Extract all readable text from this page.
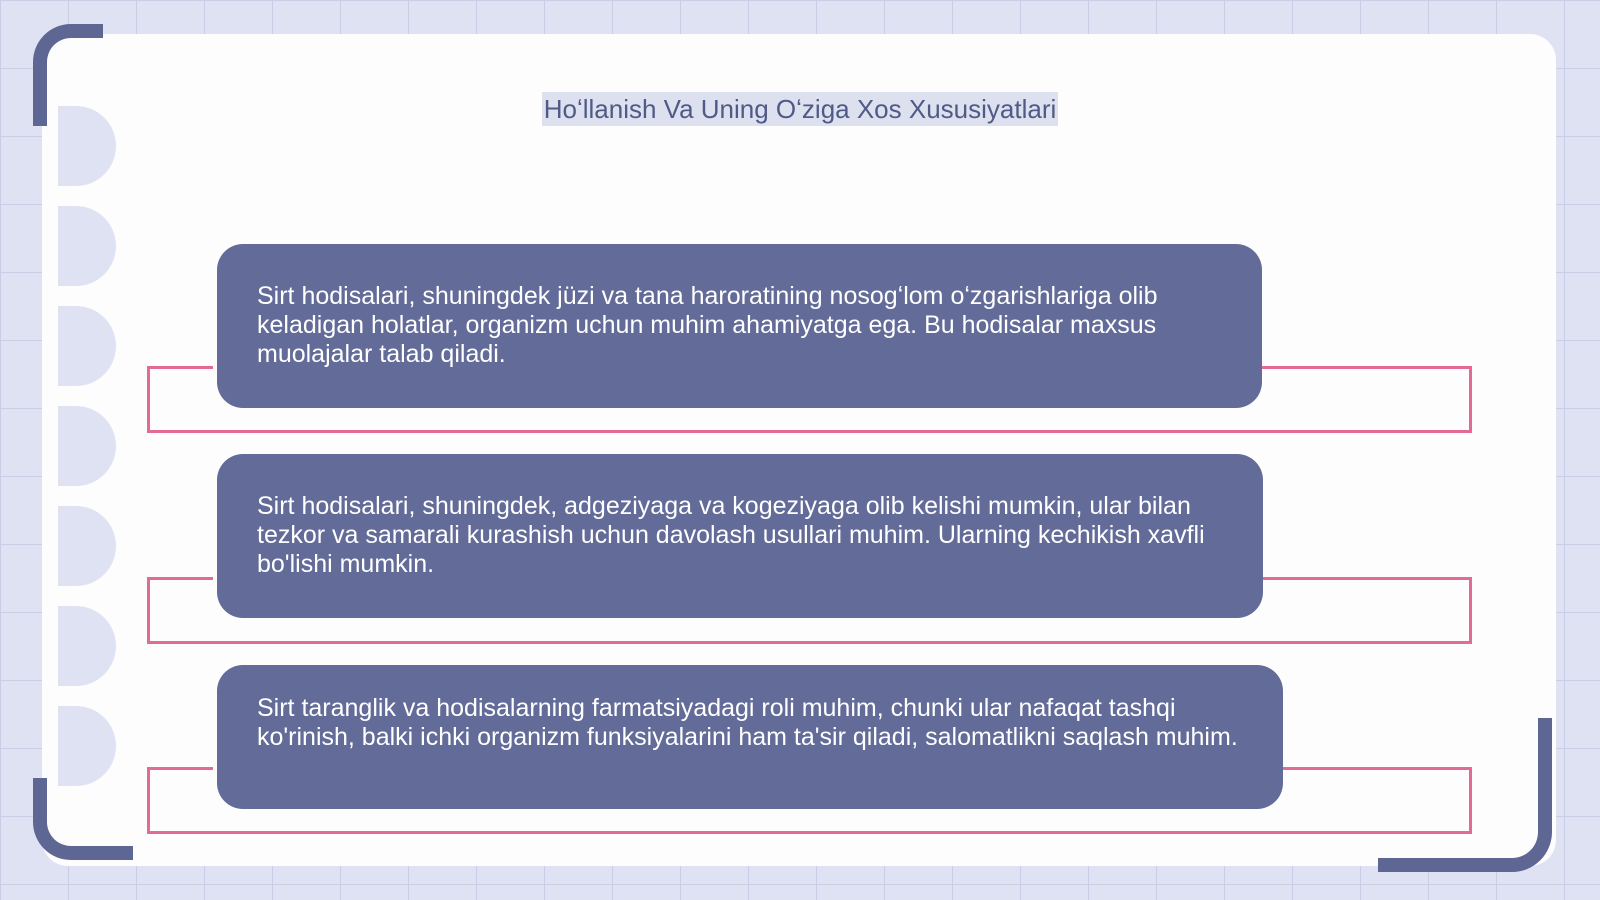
Hoʻllanish Va Uning Oʻziga Xos Xususiyatlari
Sirt hodisalari, shuningdek jüzi va tana haroratining nosogʻlom oʻzgarishlariga olib keladigan holatlar, organizm uchun muhim ahamiyatga ega. Bu hodisalar maxsus muolajalar talab qiladi.
Sirt hodisalari, shuningdek, adgeziyaga va kogeziyaga olib kelishi mumkin, ular bilan tezkor va samarali kurashish uchun davolash usullari muhim. Ularning kechikish xavfli bo'lishi mumkin.
Sirt taranglik va hodisalarning farmatsiyadagi roli muhim, chunki ular nafaqat tashqi ko'rinish, balki ichki organizm funksiyalarini ham ta'sir qiladi, salomatlikni saqlash muhim.
